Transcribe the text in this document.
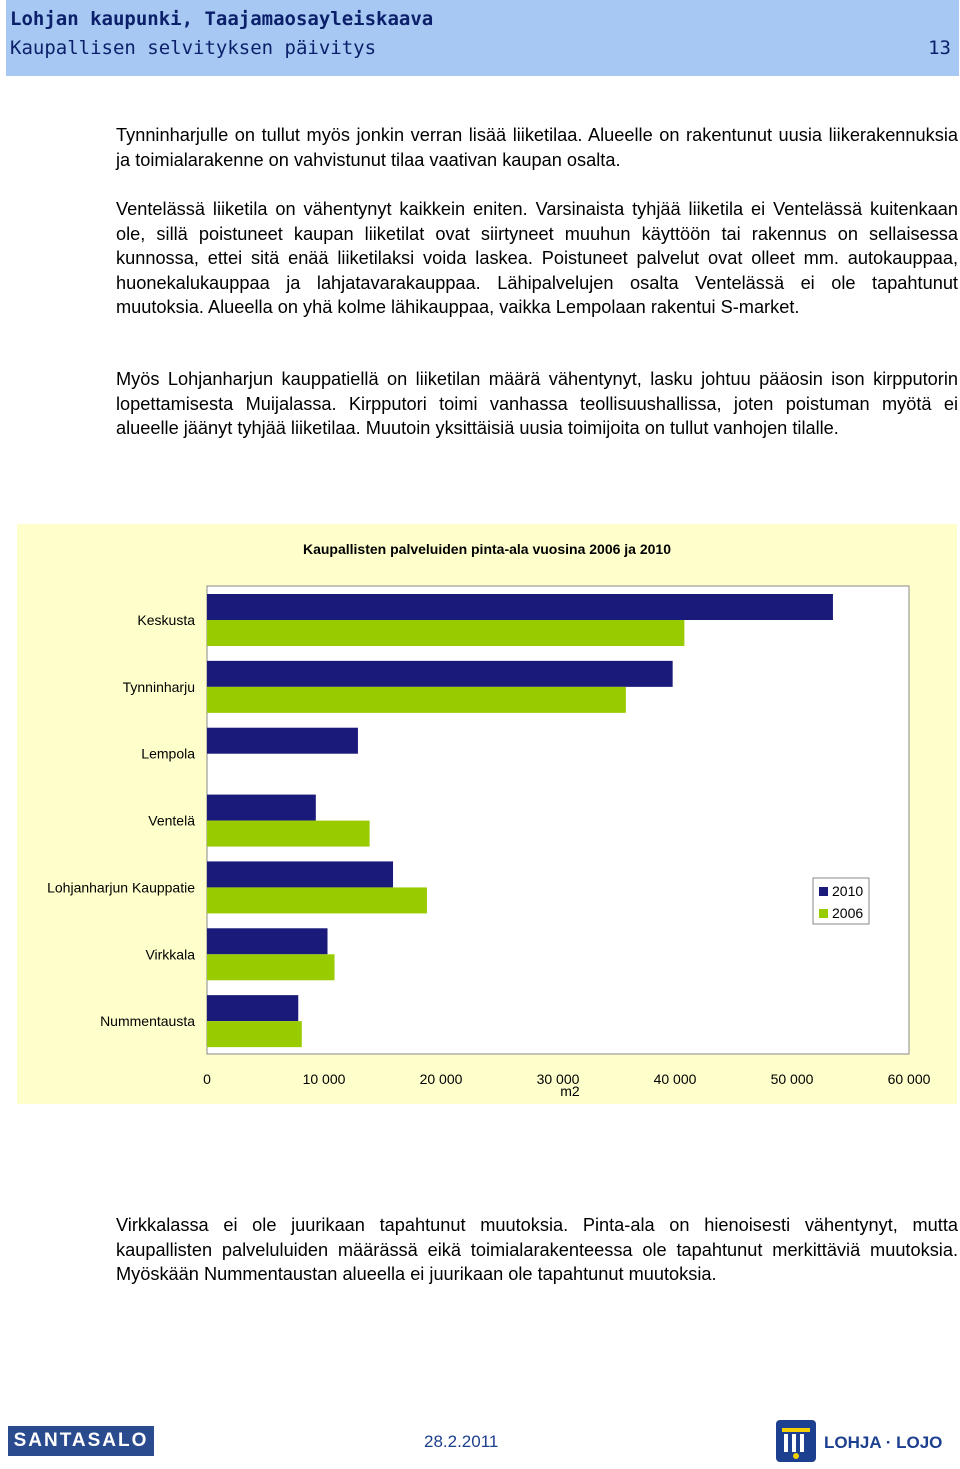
Lohjan kaupunki, Taajamaosayleiskaava
Kaupallisen selvityksen päivitys	13
Tynninharjulle on tullut myös jonkin verran lisää liiketilaa. Alueelle on rakentunut uusia liikerakennuksia ja toimialarakenne on vahvistunut tilaa vaativan kaupan osalta.
Ventelässä liiketila on vähentynyt kaikkein eniten. Varsinaista tyhjää liiketila ei Ventelässä kuitenkaan ole, sillä poistuneet kaupan liiketilat ovat siirtyneet muuhun käyttöön tai rakennus on sellaisessa kunnossa, ettei sitä enää liiketilaksi voida laskea. Poistuneet palvelut ovat olleet mm. autokauppaa, huonekalukauppaa ja lahjatavarakauppaa. Lähipalvelujen osalta Ventelässä ei ole tapahtunut muutoksia. Alueella on yhä kolme lähikauppaa, vaikka Lempolaan rakentui S-market.
Myös Lohjanharjun kauppatiellä on liiketilan määrä vähentynyt, lasku johtuu pääosin ison kirpputorin lopettamisesta Muijalassa. Kirpputori toimi vanhassa teollisuushallissa, joten poistuman myötä ei alueelle jäänyt tyhjää liiketilaa. Muutoin yksittäisiä uusia toimijoita on tullut vanhojen tilalle.
Kaupallisten palveluiden pinta-ala vuosina 2006 ja 2010
Keskusta
Tynninharju
Lempola
Ventelä
Lohjanharjun Kauppatie
Virkkala
Nummentausta
0	10 000	20 000	30 000	40 000	50 000	60 000
m2
2010
2006
Virkkalassa ei ole juurikaan tapahtunut muutoksia. Pinta-ala on hienoisesti vähentynyt, mutta kaupallisten palveluluiden määrässä eikä toimialarakenteessa ole tapahtunut merkittäviä muutoksia. Myöskään Nummentaustan alueella ei juurikaan ole tapahtunut muutoksia.
SANTASALO	28.2.2011	LOHJA · LOJO
